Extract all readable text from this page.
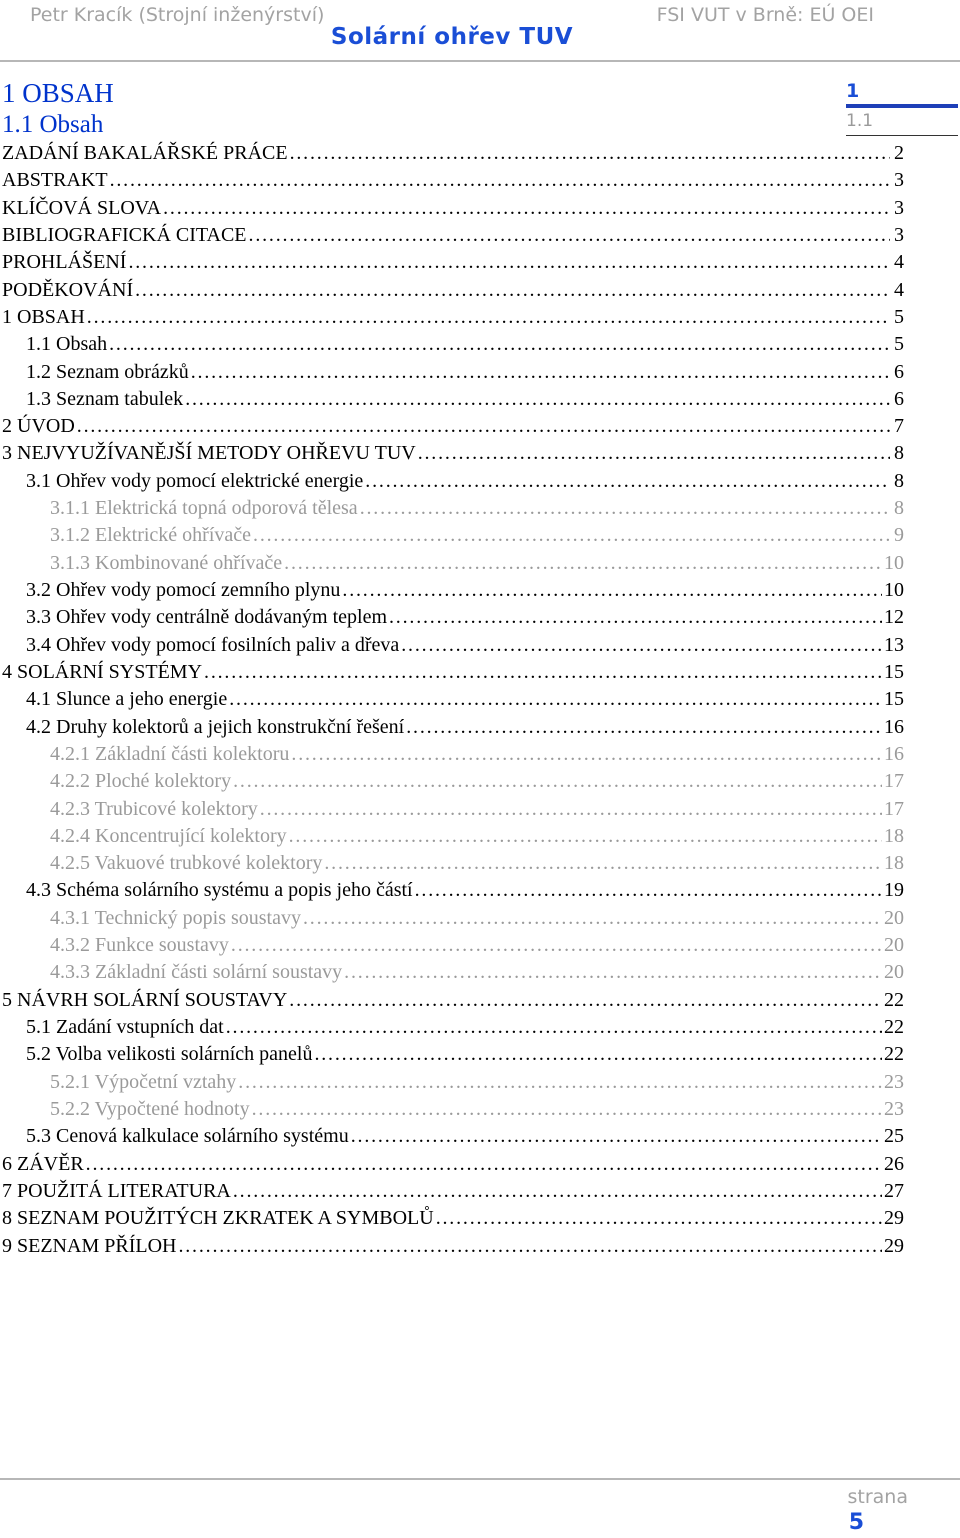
Petr Kracík (Strojní inženýrství)	FSI VUT v Brně: EÚ OEI
Solární ohřev TUV
1 OBSAH
1.1 Obsah
1
1.1
ZADÁNÍ BAKALÁŘSKÉ PRÁCE . . .	2
ABSTRAKT . . .	3
KLÍČOVÁ SLOVA . . .	3
BIBLIOGRAFICKÁ CITACE . . .	3
PROHLÁŠENÍ . . .	4
PODĚKOVÁNÍ . . .	4
1 OBSAH . . .	5
1.1 Obsah . . .	5
1.2 Seznam obrázků . . .	6
1.3 Seznam tabulek . . .	6
2 ÚVOD . . .	7
3 NEJVYUŽÍVANĚJŠÍ METODY OHŘEVU TUV . . .	8
3.1 Ohřev vody pomocí elektrické energie . . .	8
3.1.1 Elektrická topná odporová tělesa . . .	8
3.1.2 Elektrické ohřívače . . .	9
3.1.3 Kombinované ohřívače . . .	10
3.2 Ohřev vody pomocí zemního plynu . . .	10
3.3 Ohřev vody centrálně dodávaným teplem . . .	12
3.4 Ohřev vody pomocí fosilních paliv a dřeva . . .	13
4 SOLÁRNÍ SYSTÉMY . . .	15
4.1 Slunce a jeho energie . . .	15
4.2 Druhy kolektorů a jejich konstrukční řešení . . .	16
4.2.1 Základní části kolektoru . . .	16
4.2.2 Ploché kolektory . . .	17
4.2.3 Trubicové kolektory . . .	17
4.2.4 Koncentrující kolektory . . .	18
4.2.5 Vakuové trubkové kolektory . . .	18
4.3 Schéma solárního systému a popis jeho částí . . .	19
4.3.1 Technický popis soustavy . . .	20
4.3.2 Funkce soustavy . . .	20
4.3.3 Základní části solární soustavy . . .	20
5 NÁVRH SOLÁRNÍ SOUSTAVY . . .	22
5.1 Zadání vstupních dat . . .	22
5.2 Volba velikosti solárních panelů . . .	22
5.2.1 Výpočetní vztahy . . .	23
5.2.2 Vypočtené hodnoty . . .	23
5.3 Cenová kalkulace solárního systému . . .	25
6 ZÁVĚR . . .	26
7 POUŽITÁ LITERATURA . . .	27
8 SEZNAM POUŽITÝCH ZKRATEK A SYMBOLŮ . . .	29
9 SEZNAM PŘÍLOH . . .	29
strana
5
